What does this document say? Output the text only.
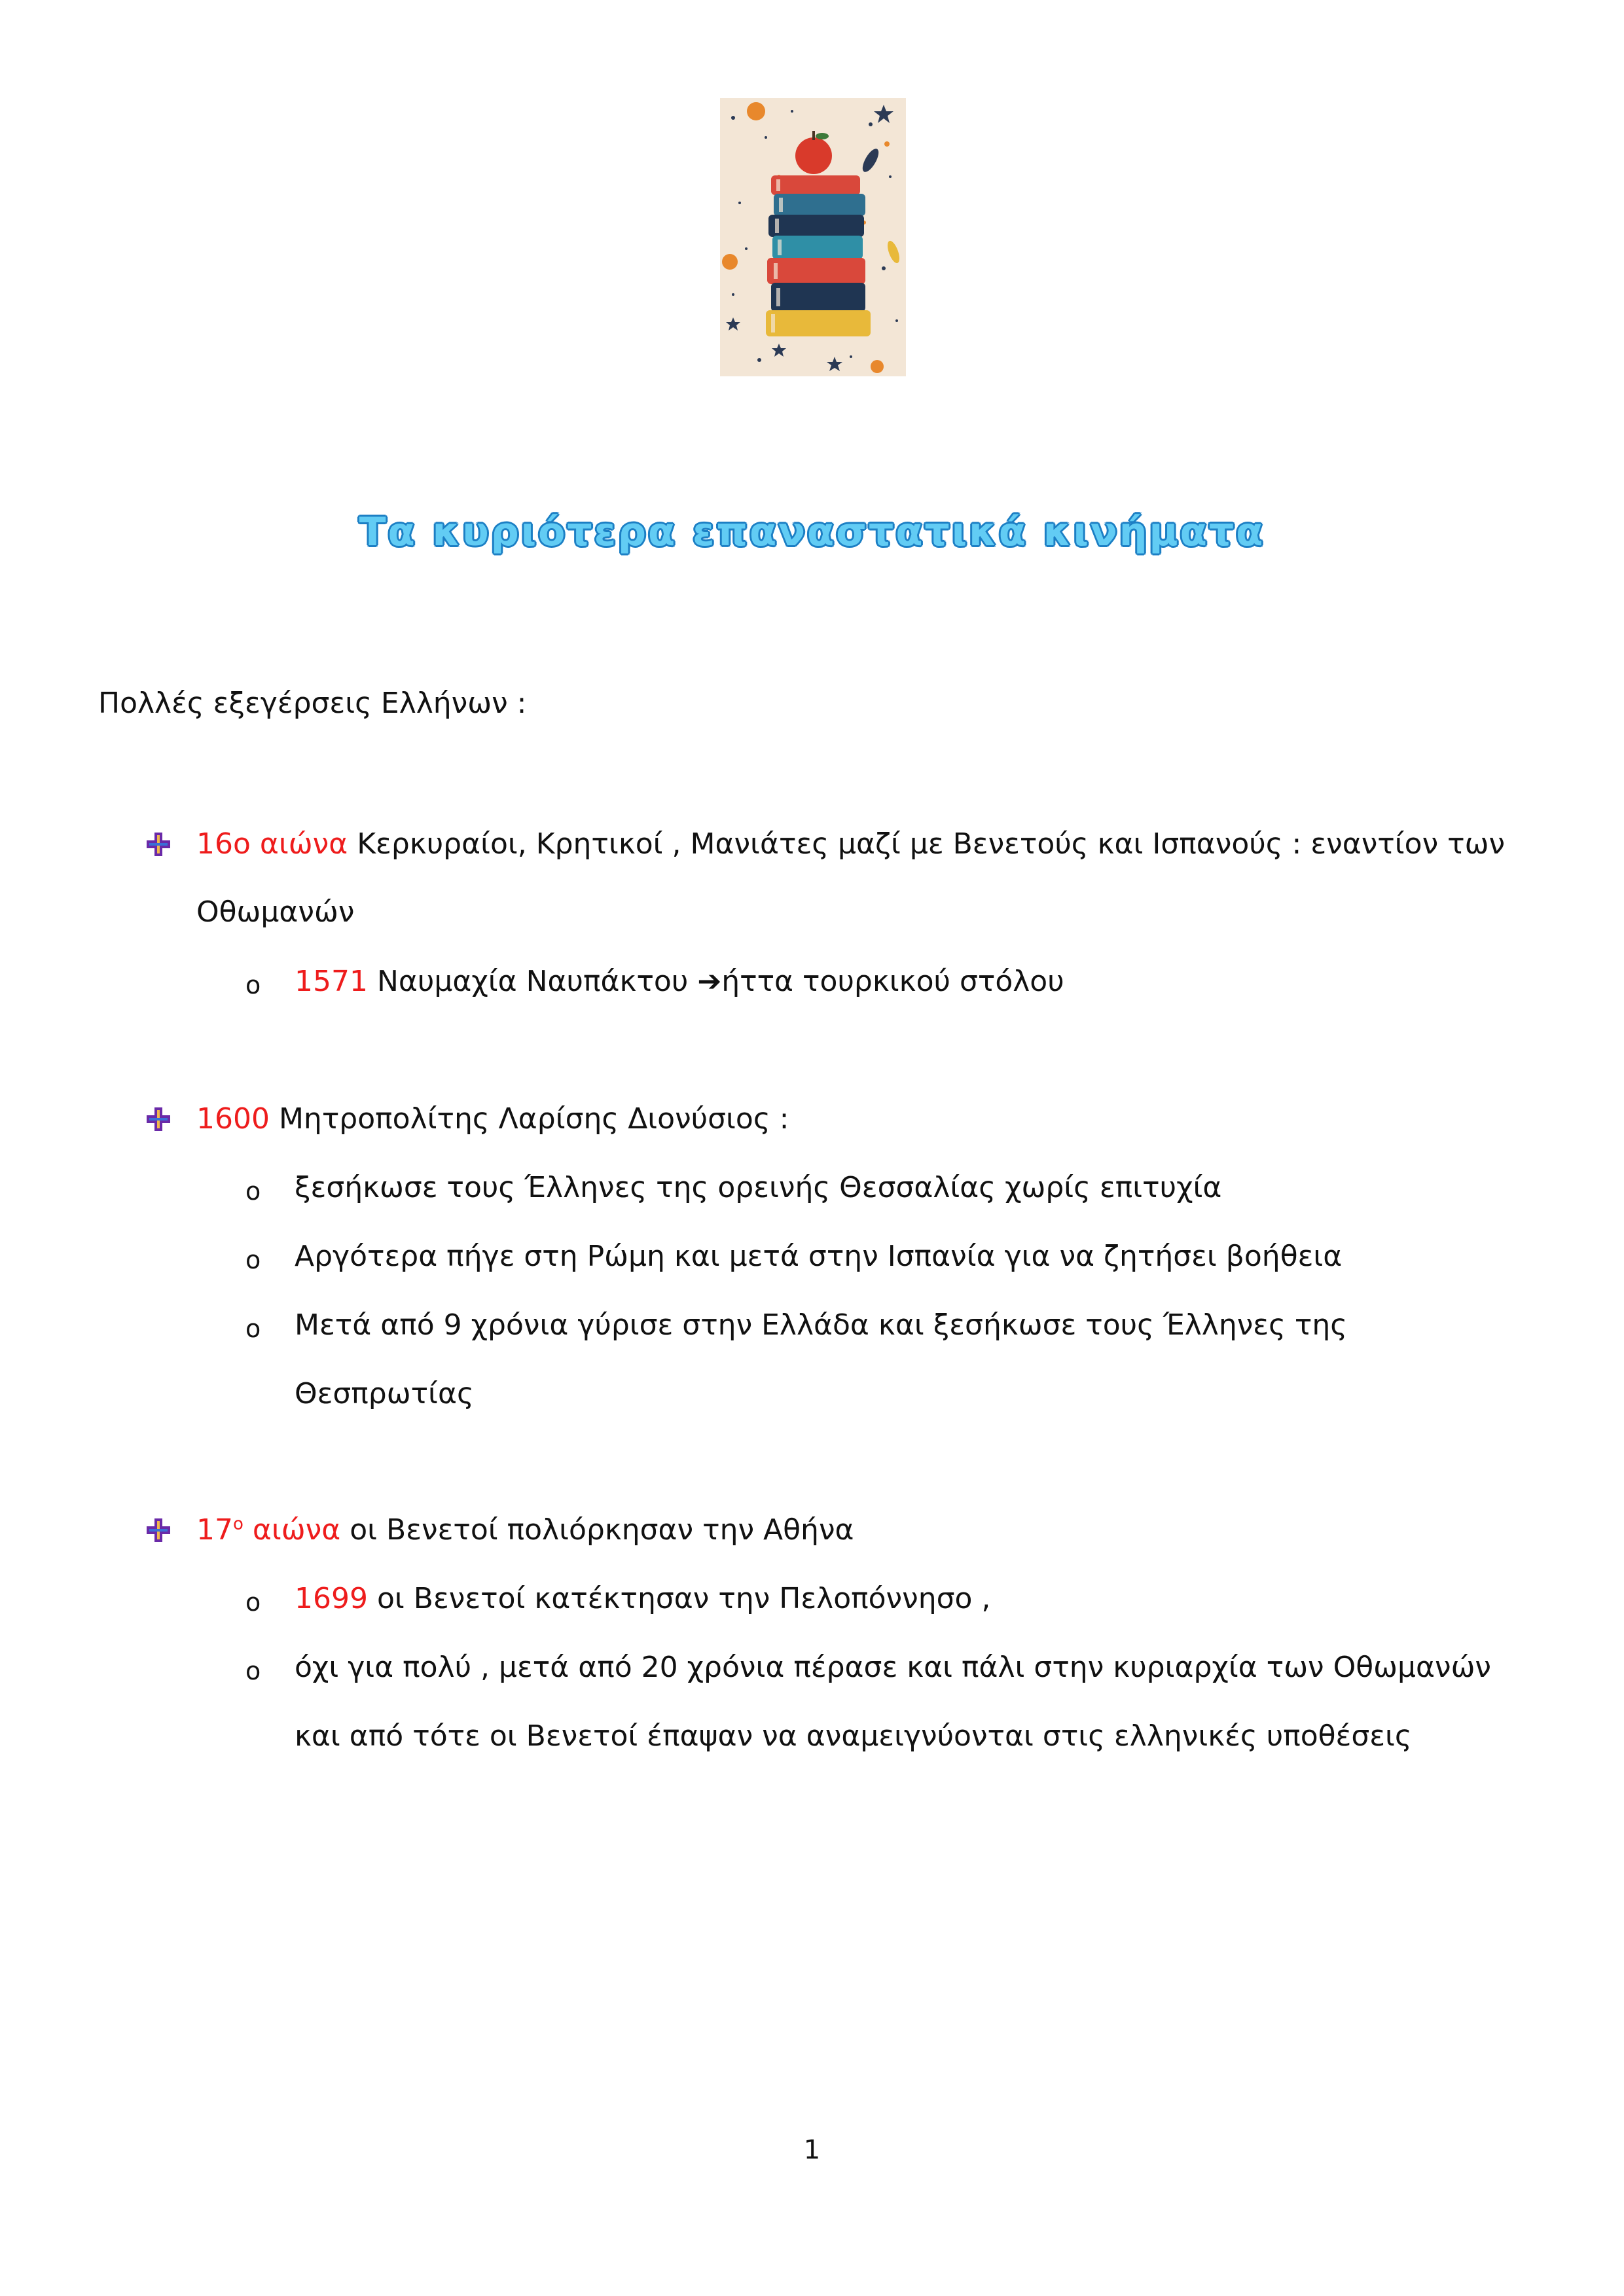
Τα κυριότερα επαναστατικά κινήματα
Πολλές εξεγέρσεις Ελλήνων :
16ο αιώνα Κερκυραίοι, Κρητικοί , Μανιάτες μαζί με Βενετούς και Ισπανούς : εναντίον των
Οθωμανών
o 1571 Ναυμαχία Ναυπάκτου ➔ήττα τουρκικού στόλου
1600 Μητροπολίτης Λαρίσης Διονύσιος :
o ξεσήκωσε τους Έλληνες της ορεινής Θεσσαλίας χωρίς επιτυχία
o Αργότερα πήγε στη Ρώμη και μετά στην Ισπανία για να ζητήσει βοήθεια
o Μετά από 9 χρόνια γύρισε στην Ελλάδα και ξεσήκωσε τους Έλληνες της
Θεσπρωτίας
$17^o$ αιώνα οι Βενετοί πολιόρκησαν την Αθήνα
o 1699 οι Βενετοί κατέκτησαν την Πελοπόννησο ,
o όχι για πολύ , μετά από 20 χρόνια πέρασε και πάλι στην κυριαρχία των Οθωμανών
και από τότε οι Βενετοί έπαψαν να αναμειγνύονται στις ελληνικές υποθέσεις
1
